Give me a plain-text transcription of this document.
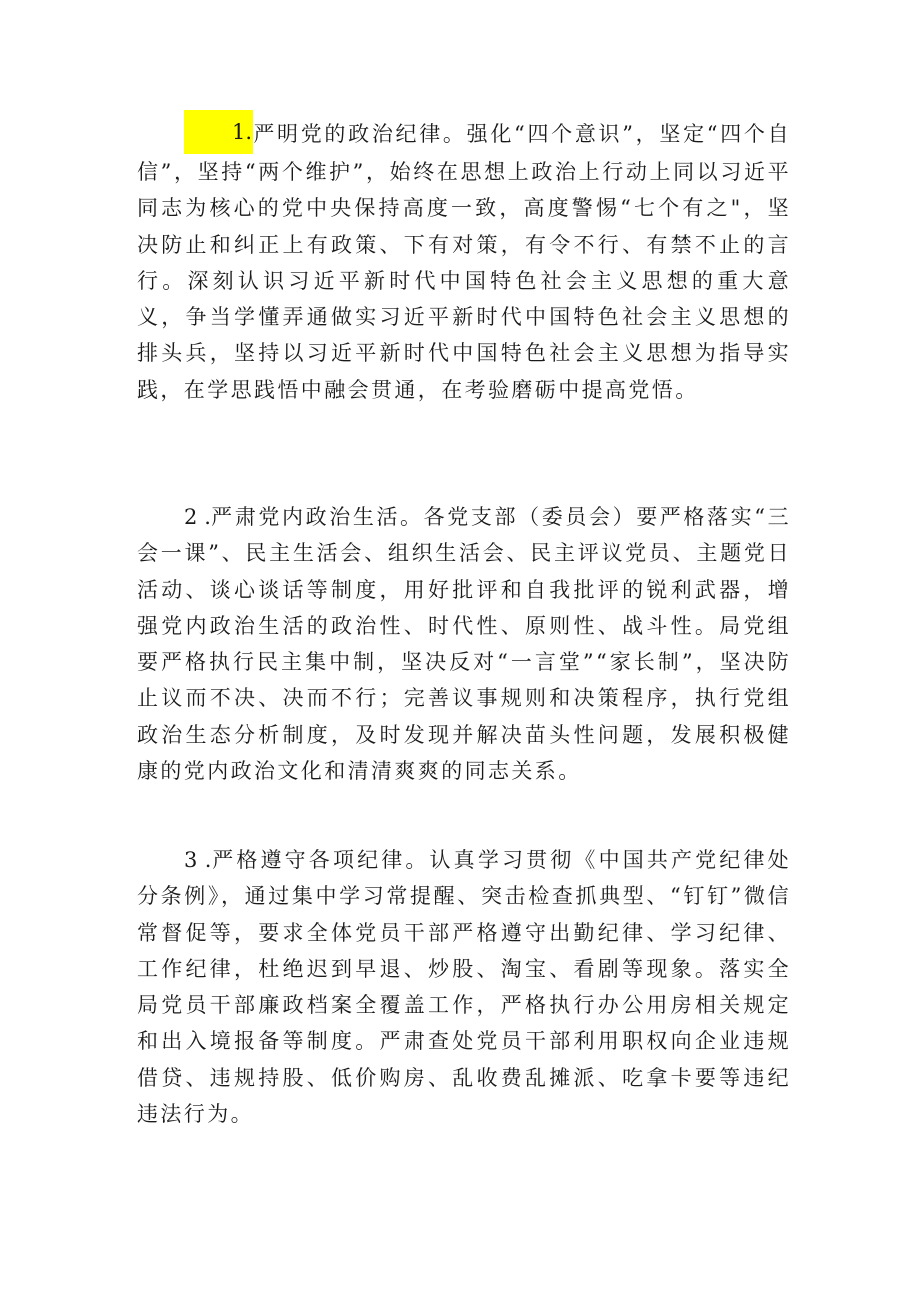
1.严明党的政治纪律。强化“四个意识”，坚定“四个自信”，坚持“两个维护”，始终在思想上政治上行动上同以习近平同志为核心的党中央保持高度一致，高度警惕“七个有之"，坚决防止和纠正上有政策、下有对策，有令不行、有禁不止的言行。深刻认识习近平新时代中国特色社会主义思想的重大意义，争当学懂弄通做实习近平新时代中国特色社会主义思想的排头兵，坚持以习近平新时代中国特色社会主义思想为指导实践，在学思践悟中融会贯通，在考验磨砺中提高党悟。

2 .严肃党内政治生活。各党支部（委员会）要严格落实“三会一课”、民主生活会、组织生活会、民主评议党员、主题党日活动、谈心谈话等制度，用好批评和自我批评的锐利武器，增强党内政治生活的政治性、时代性、原则性、战斗性。局党组要严格执行民主集中制，坚决反对“一言堂”“家长制”，坚决防止议而不决、决而不行；完善议事规则和决策程序，执行党组政治生态分析制度，及时发现并解决苗头性问题，发展积极健康的党内政治文化和清清爽爽的同志关系。

3 .严格遵守各项纪律。认真学习贯彻《中国共产党纪律处分条例》，通过集中学习常提醒、突击检查抓典型、“钉钉”微信常督促等，要求全体党员干部严格遵守出勤纪律、学习纪律、工作纪律，杜绝迟到早退、炒股、淘宝、看剧等现象。落实全局党员干部廉政档案全覆盖工作，严格执行办公用房相关规定和出入境报备等制度。严肃查处党员干部利用职权向企业违规借贷、违规持股、低价购房、乱收费乱摊派、吃拿卡要等违纪违法行为。
